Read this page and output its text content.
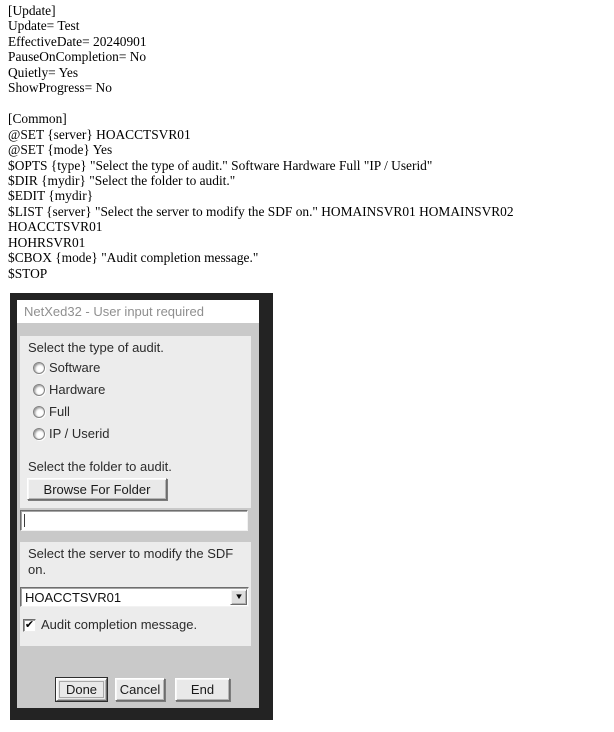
[Update]
Update= Test
EffectiveDate= 20240901
PauseOnCompletion= No
Quietly= Yes
ShowProgress= No
[Common]
@SET {server} HOACCTSVR01
@SET {mode} Yes
$OPTS {type} "Select the type of audit." Software Hardware Full "IP / Userid"
$DIR {mydir} "Select the folder to audit."
$EDIT {mydir}
$LIST {server} "Select the server to modify the SDF on." HOMAINSVR01 HOMAINSVR02 HOACCTSVR01
HOHRSVR01
$CBOX {mode} "Audit completion message."
$STOP
NetXed32 - User input required
Select the type of audit.
Software
Hardware
Full
IP / Userid
Select the folder to audit.
Browse For Folder
Select the server to modify the SDF on.
HOACCTSVR01	▼
✔ Audit completion message.
Done	Cancel	End
